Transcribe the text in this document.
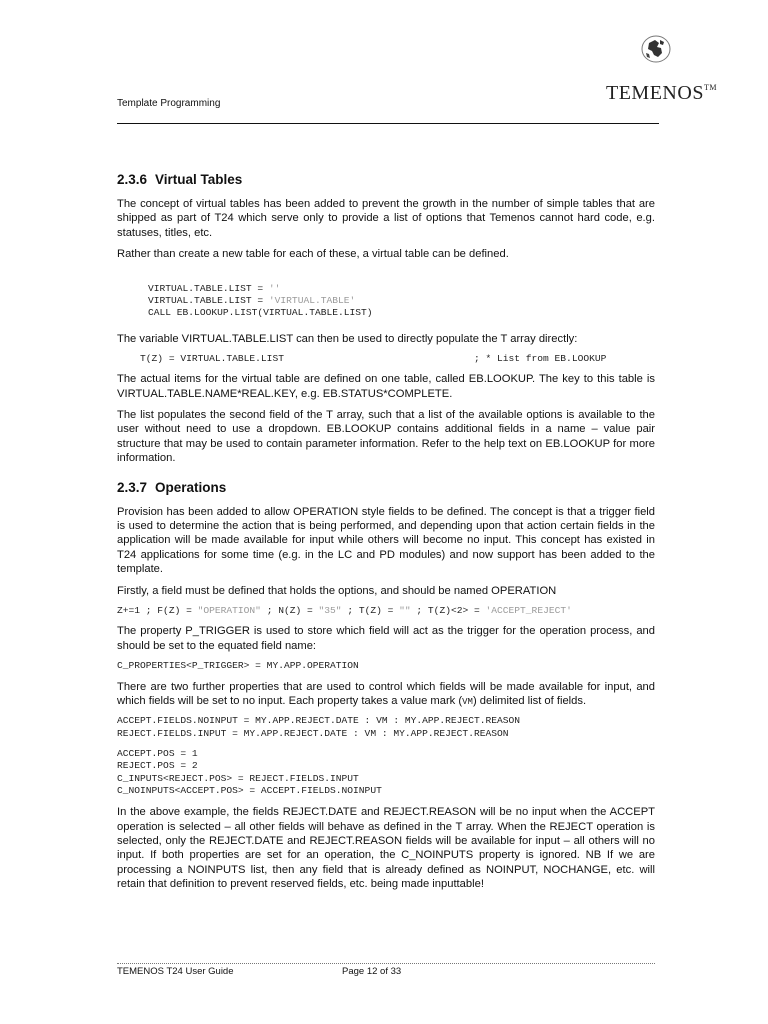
Template Programming	TEMENOS™
2.3.6 Virtual Tables

The concept of virtual tables has been added to prevent the growth in the number of simple tables that are shipped as part of T24 which serve only to provide a list of options that Temenos cannot hard code, e.g. statuses, titles, etc.

Rather than create a new table for each of these, a virtual table can be defined.

VIRTUAL.TABLE.LIST = ''
VIRTUAL.TABLE.LIST = 'VIRTUAL.TABLE'
CALL EB.LOOKUP.LIST(VIRTUAL.TABLE.LIST)

The variable VIRTUAL.TABLE.LIST can then be used to directly populate the T array directly:

T(Z) = VIRTUAL.TABLE.LIST                                 ; * List from EB.LOOKUP

The actual items for the virtual table are defined on one table, called EB.LOOKUP. The key to this table is VIRTUAL.TABLE.NAME*REAL.KEY, e.g. EB.STATUS*COMPLETE.

The list populates the second field of the T array, such that a list of the available options is available to the user without need to use a dropdown. EB.LOOKUP contains additional fields in a name – value pair structure that may be used to contain parameter information. Refer to the help text on EB.LOOKUP for more information.

2.3.7 Operations

Provision has been added to allow OPERATION style fields to be defined. The concept is that a trigger field is used to determine the action that is being performed, and depending upon that action certain fields in the application will be made available for input while others will become no input. This concept has existed in T24 applications for some time (e.g. in the LC and PD modules) and now support has been added to the template.

Firstly, a field must be defined that holds the options, and should be named OPERATION

Z+=1 ; F(Z) = "OPERATION" ; N(Z) = "35" ; T(Z) = "" ; T(Z)<2> = 'ACCEPT_REJECT'

The property P_TRIGGER is used to store which field will act as the trigger for the operation process, and should be set to the equated field name:

C_PROPERTIES<P_TRIGGER> = MY.APP.OPERATION

There are two further properties that are used to control which fields will be made available for input, and which fields will be set to no input. Each property takes a value mark (VM) delimited list of fields.

ACCEPT.FIELDS.NOINPUT = MY.APP.REJECT.DATE : VM : MY.APP.REJECT.REASON
REJECT.FIELDS.INPUT = MY.APP.REJECT.DATE : VM : MY.APP.REJECT.REASON
ACCEPT.POS = 1
REJECT.POS = 2
C_INPUTS<REJECT.POS> = REJECT.FIELDS.INPUT
C_NOINPUTS<ACCEPT.POS> = ACCEPT.FIELDS.NOINPUT

In the above example, the fields REJECT.DATE and REJECT.REASON will be no input when the ACCEPT operation is selected – all other fields will behave as defined in the T array. When the REJECT operation is selected, only the REJECT.DATE and REJECT.REASON fields will be available for input – all others will no input. If both properties are set for an operation, the C_NOINPUTS property is ignored. NB If we are processing a NOINPUTS list, then any field that is already defined as NOINPUT, NOCHANGE, etc. will retain that definition to prevent reserved fields, etc. being made inputtable!

TEMENOS T24 User Guide	Page 12 of 33
